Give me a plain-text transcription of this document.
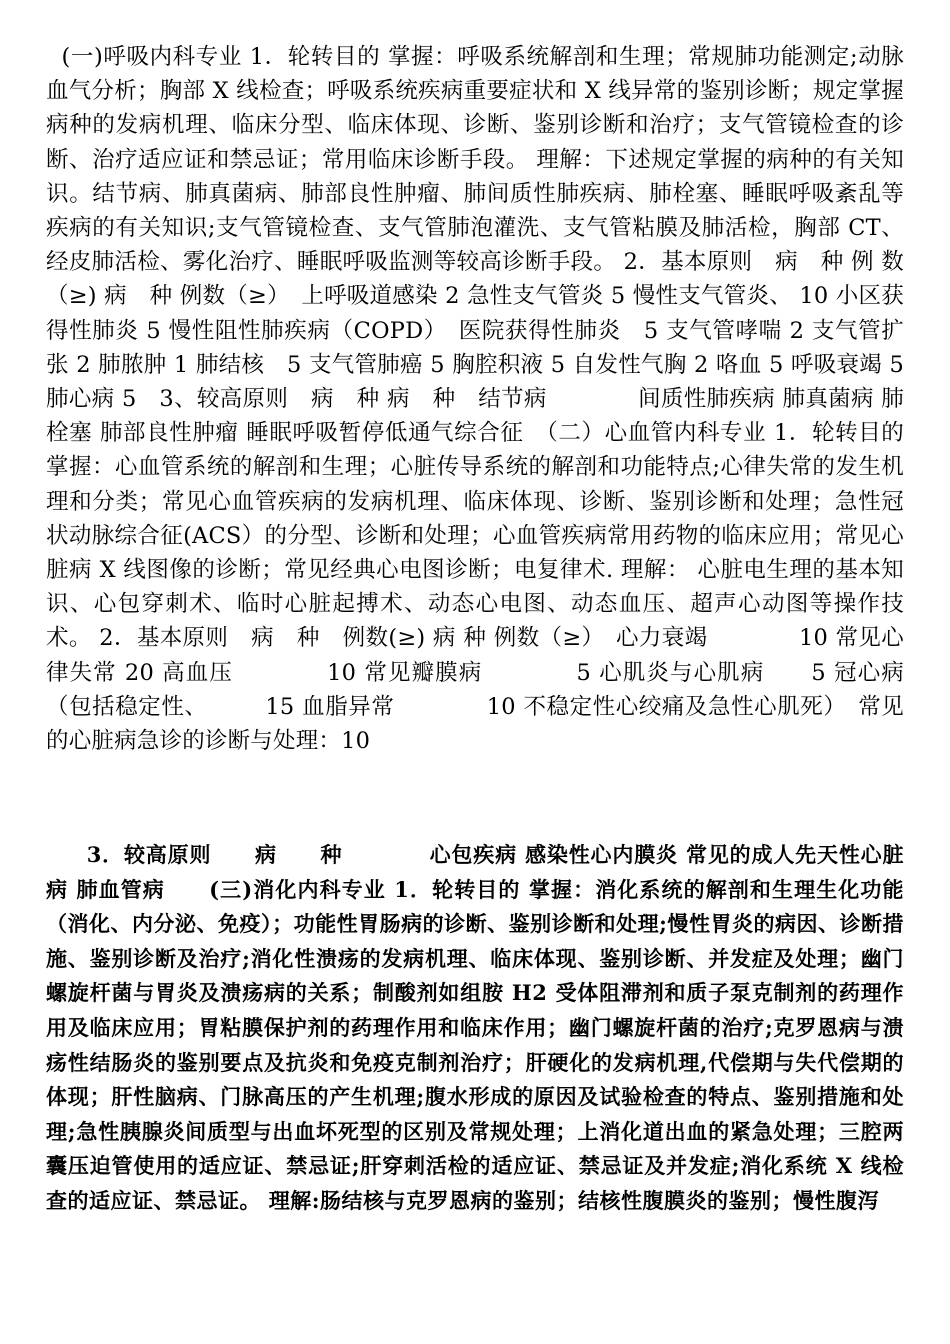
(一)呼吸内科专业 1．轮转目的 掌握：呼吸系统解剖和生理；常规肺功能测定;动脉血气分析；胸部 X 线检查；呼吸系统疾病重要症状和 X 线异常的鉴别诊断；规定掌握病种的发病机理、临床分型、临床体现、诊断、鉴别诊断和治疗；支气管镜检查的诊断、治疗适应证和禁忌证；常用临床诊断手段。 理解：下述规定掌握的病种的有关知识。结节病、肺真菌病、肺部良性肿瘤、肺间质性肺疾病、肺栓塞、睡眠呼吸紊乱等疾病的有关知识;支气管镜检查、支气管肺泡灌洗、支气管粘膜及肺活检，胸部 CT、经皮肺活检、雾化治疗、睡眠呼吸监测等较高诊断手段。 2．基本原则　病　种 例 数（≥) 病　种 例数（≥）　上呼吸道感染 2 急性支气管炎 5 慢性支气管炎、 10 小区获得性肺炎 5 慢性阻性肺疾病（COPD）　医院获得性肺炎　5 支气管哮喘 2 支气管扩张 2 肺脓肿 1 肺结核　5 支气管肺癌 5 胸腔积液 5 自发性气胸 2 咯血 5 呼吸衰竭 5 肺心病 5　3、较高原则　病　种 病　种　结节病　　　　间质性肺疾病 肺真菌病 肺栓塞 肺部良性肿瘤 睡眠呼吸暂停低通气综合征　（二）心血管内科专业 1．轮转目的 掌握：心血管系统的解剖和生理；心脏传导系统的解剖和功能特点;心律失常的发生机理和分类；常见心血管疾病的发病机理、临床体现、诊断、鉴别诊断和处理；急性冠状动脉综合征(ACS）的分型、诊断和处理；心血管疾病常用药物的临床应用；常见心脏病 X 线图像的诊断；常见经典心电图诊断；电复律术. 理解： 心脏电生理的基本知识、心包穿刺术、临时心脏起搏术、动态心电图、动态血压、超声心动图等操作技术。 2．基本原则　病　种　例数(≥) 病 种 例数（≥）　心力衰竭　　　　10 常见心律失常 20 高血压　　　　10 常见瓣膜病　　　　5 心肌炎与心肌病　　5 冠心病（包括稳定性、　　　15 血脂异常　　　　10 不稳定性心绞痛及急性心肌死）　常见的心脏病急诊的诊断与处理：10

3．较高原则　　病　　种　　　　心包疾病 感染性心内膜炎 常见的成人先天性心脏病 肺血管病　　(三)消化内科专业 1．轮转目的 掌握：消化系统的解剖和生理生化功能（消化、内分泌、免疫）；功能性胃肠病的诊断、鉴别诊断和处理;慢性胃炎的病因、诊断措施、鉴别诊断及治疗;消化性溃疡的发病机理、临床体现、鉴别诊断、并发症及处理；幽门螺旋杆菌与胃炎及溃疡病的关系；制酸剂如组胺 H2 受体阻滞剂和质子泵克制剂的药理作用及临床应用；胃粘膜保护剂的药理作用和临床作用；幽门螺旋杆菌的治疗;克罗恩病与溃疡性结肠炎的鉴别要点及抗炎和免疫克制剂治疗；肝硬化的发病机理,代偿期与失代偿期的体现；肝性脑病、门脉高压的产生机理;腹水形成的原因及试验检查的特点、鉴别措施和处理;急性胰腺炎间质型与出血坏死型的区别及常规处理；上消化道出血的紧急处理；三腔两囊压迫管使用的适应证、禁忌证;肝穿刺活检的适应证、禁忌证及并发症;消化系统 X 线检查的适应证、禁忌证。 理解:肠结核与克罗恩病的鉴别；结核性腹膜炎的鉴别；慢性腹泻
